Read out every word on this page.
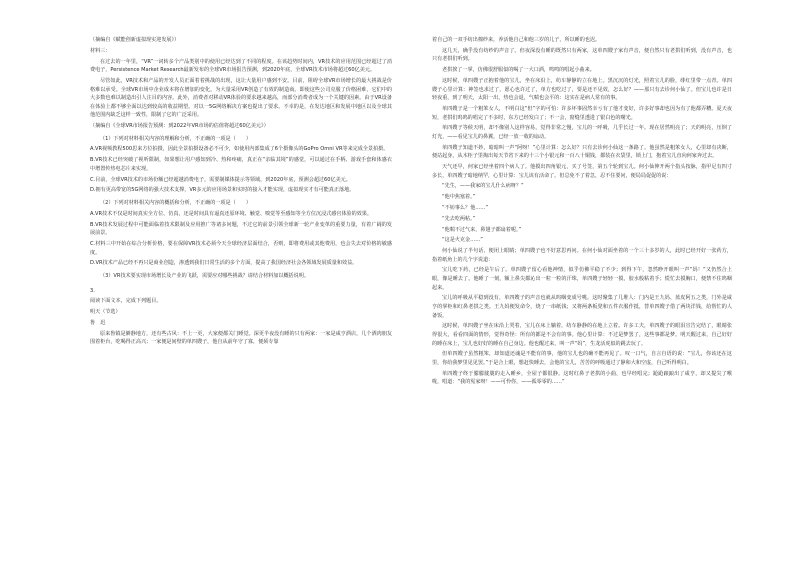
（摘编自《赋能创新虚拟现实迎发展》）

材料三：

在过去的一年里，“VR”一词转多个产品类别中的使用已经达到了不同的程度。在该趋势时间内，VR技术的应用范围已经超过了消费电子，Persistence Market Research最新发布的全球VR市场报告预测，到2020年底，全球VR技术市场将超过60亿美元。

尽管如此，VR技术和产品的开发人员正面着着挑战的出现，这让大量用户感到不安。目前，阻碍全球VR市场增长的最大挑战是价格难以承受。全球VR市场中企业成本将在增加的变化，为大量采用VR创造了有效的制造商。即使这些公司克服了价格困难，它们中的大多数也难以制造出引人注目的内容。此外，消费者对移动VR体验的要求越来越高，而部分消费者成为一个关键的因素。由于VR设备在体验上都不够全面以达到较高的收益期望。对以一5G网络解决方案也提出了要求。不幸的是，在发达地区和发展中地区以及全球其他范围内缺乏这样一致性，限制了它的广泛采用。

（摘编自《全球VR市场报告预测：到2022年VR市场的估值将超过60亿美元》）

（1）下列对材料相关内容的理解和分析，不正确的一项是（　　）

A.VR视频教程500思来方位拍摄，因此全景拍摄设备必不可少，如使用内部集成了6个摄像头的GoPro Omni VR等来完成全景拍摄。

B.VR技术已经突破了视听限制，如果想让用户感知到冷、热和疼痛，真正在“亲临其境”的感觉，可以通过在手柄、游戏手套和体感衣中增置传热电芯片来实现。

C.目前，全球VR技术的市场份额已经超越消费电子，需要制媒体提示等领域，到2020年底，预测会超过60亿美元。

D.拥有更高带宽的5G网络的强大技术支撑，VR多元的应用场景和实时的接入才能实现，虚拟现实才有可能真正落地。

（2）下列对材料相关内容的概括和分析，不正确的一项是（　　）

A.VR技术不仅是时间真实全方位、仿真，还是时间具有逼真还原环境、触觉、嗅觉等至感知等全方位沉浸式感官体验的效果。

B.VR技术发展过程中可能面临着技术限制及应用推广等诸多问题，不过它的前景引领全球新一轮产业变革的重要力量，有着广阔的发展前景。

C.材料三中开始在综合分析价格，要在保障VR技术必须今天全球经济层面结合，否则，即将费用或其他费用，也会失去对价格的敏感度。

D.VR技术产品已经不再只是商业创造，渗透到我们日常生活的多个方面，提高了我国经济社会各领域发展质量和效益。

（3）VR技术要实现市场增长及产业的飞跃，需要应对哪些挑战？请结合材料加以概括说明。

3.

阅读下面文本，完成下列题目。

明天（节选）

鲁　迅

原来鲁镇是僻静地方，还有些古风：不上一更，大家便都关门睡觉。深更半夜没有睡的只有两家：一家是咸亨酒店，几个酒肉朋友围着柜台，吃喝得正高兴；一家便是间壁的单四嫂子，他自从前年守了寡，便须专靠

着自己的一双手纺出棉纱来，养活他自己和他三岁的儿子，所以睡的也迟。

这几天，确乎没有纺纱的声音了。但夜深没有睡的既然只有两家，这单四嫂子家有声音，便自然只有老拱们听到，没有声音，也只有老拱们听到。

老拱挨了一掌，仿佛很舒服似的喝了一大口酒，鸣鸣的唱起小曲来。

这时候，单四嫂子正抱着他的宝儿，坐在床沿上，纺车静静的立在地上。黑沉沉的灯光，照着宝儿的脸，绯红里带一点青。单四嫂子心里计算：神签也求过了，愿心也许过了，单方也吃过了，要是还不见效，怎么好？——那只有去诊何小仙了。但宝儿也许是日轻夜重，到了明天，太阳一出，热也会退，气喘也会平的：这实在是病人常有的事。

单四嫂子是一个粗笨女人，不明白这“但”字的可怕：许多坏事固然幸亏有了他才变好，许多好事却也因为有了他都弄糟。夏天夜短，老拱们呜呜的唱完了不多时，东方已经发白了；不一会，窗缝里透进了银白色的曙光。

单四嫂子等候天明，却不像别人这样容易，觉得非常之慢，宝儿的一呼吸，几乎长过一年。现在居然明亮了；天的明亮，压倒了灯光，——看见宝儿的鼻翼，已经一放一收的扇动。

单四嫂子知道不妙，暗暗叫一声“阿呀！”心里计算：怎么好？只有去诊何小仙这一条路了。他虽然是粗笨女人，心里却有决断，便站起身，从木柜子里掏出每天节省下来的十三个小银元和一百八十铜钱，都装在衣袋里，锁上门，抱着宝儿直向何家奔过去。

天气还早，何家已经坐着四个病人了。他摸出四角银元，买了号签，第五个轮到宝儿。何小仙伸开两个指头按脉，指甲足有四寸多长，单四嫂子暗地纳罕，心里计算：宝儿该有活命了。但总免不了着急，忍不住要问，便局局促促的说：

“先生，——我家的宝儿什么病呀？”

“他中焦塞着。”

“不妨事么？他……”

“先去吃两帖。”

“他喘不过气来，鼻翅子都扇着呢。”

“这是火克金……”

何小仙说了半句话，便闭上眼睛；单四嫂子也不好意思再问。在何小仙对面坐着的一个三十多岁的人，此时已经开好一张药方，指着纸角上的几个字说道：

宝儿吃下药，已经是午后了。单四嫂子留心看他神情，似乎仿佛平稳了不少；到得下午，忽然睁开眼叫一声“妈！”又仍然合上眼，像是睡去了。他睡了一刻，额上鼻尖都沁出一粒一粒的汗珠，单四嫂子轻轻一摸，胶水般粘着手；慌忙去摸胸口，便禁不住呜咽起来。

宝儿的呼吸从平稳到没有，单四嫂子的声音也就从呜咽变成号咷。这时聚集了几堆人：门内是王九妈、蓝皮阿五之类，门外是咸亨的掌柜和红鼻老拱之类。王九妈便发命令，烧了一串纸钱；又将两条板凳和五件衣服作抵，替单四嫂子借了两块洋钱，给帮忙的人备饭。

这时候，单四嫂子坐在床沿上哭着，宝儿在床上躺着，纺车静静的在地上立着。许多工夫，单四嫂子的眼泪宣告完结了，眼睛张得很大，看看四面的情形，觉得奇怪：所有的都是不会有的事。他心里计算：不过是梦罢了，这些事都是梦。明天醒过来，自己好好的睡在床上，宝儿也好好的睡在自己身边。他也醒过来，叫一声“妈”，生龙活虎似的跳去玩了。

但单四嫂子虽然粗笨，却知道还魂是不能有的事，他的宝儿也的确不能再见了。叹一口气，自言自语的说：“宝儿，你该还在这里，你给我梦里见见罢。”于是合上眼，想赶快睡去，会他的宝儿，苦苦的呼吸通过了静和大和空虚，自己听得明白。

单四嫂子终于朦朦胧胧的走入睡乡，全屋子都很静。这时红鼻子老拱的小曲，也早经唱完；跄跄踉踉出了咸亨，却又提尖了喉咙，唱道：“我的冤家呀！——可怜你，——孤零零的……”
